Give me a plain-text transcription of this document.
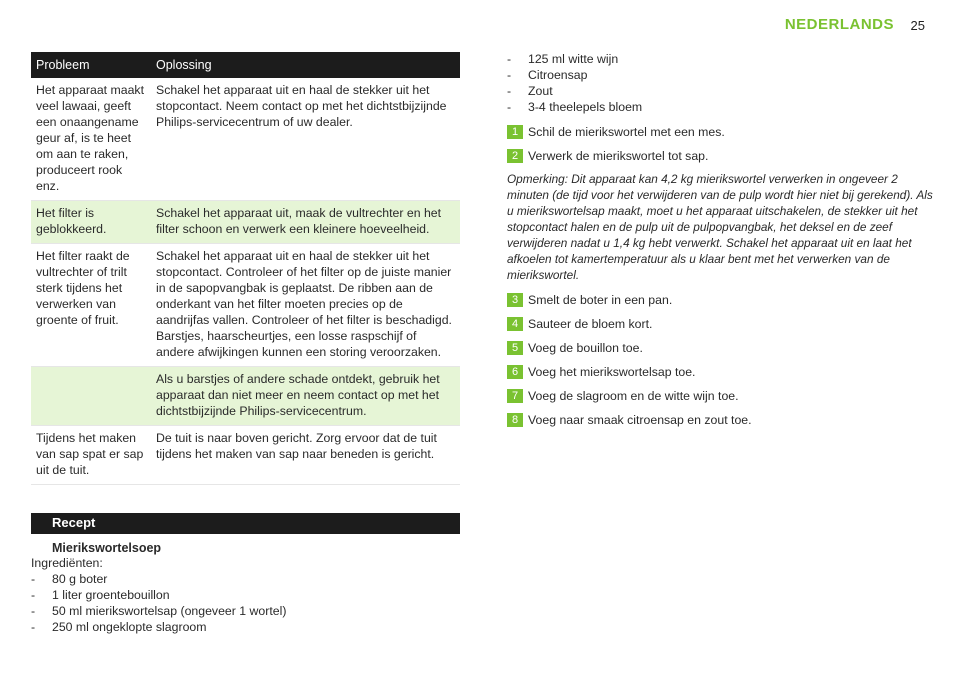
NEDERLANDS 25
Probleem	Oplossing
Het apparaat maakt veel lawaai, geeft een onaangename geur af, is te heet om aan te raken, produceert rook enz.	Schakel het apparaat uit en haal de stekker uit het stopcontact. Neem contact op met het dichtstbijzijnde Philips-servicecentrum of uw dealer.
Het filter is geblokkeerd.	Schakel het apparaat uit, maak de vultrechter en het filter schoon en verwerk een kleinere hoeveelheid.
Het filter raakt de vultrechter of trilt sterk tijdens het verwerken van groente of fruit.	Schakel het apparaat uit en haal de stekker uit het stopcontact. Controleer of het filter op de juiste manier in de sapopvangbak is geplaatst. De ribben aan de onderkant van het filter moeten precies op de aandrijfas vallen. Controleer of het filter is beschadigd. Barstjes, haarscheurtjes, een losse raspschijf of andere afwijkingen kunnen een storing veroorzaken.
	Als u barstjes of andere schade ontdekt, gebruik het apparaat dan niet meer en neem contact op met het dichtstbijzijnde Philips-servicecentrum.
Tijdens het maken van sap spat er sap uit de tuit.	De tuit is naar boven gericht. Zorg ervoor dat de tuit tijdens het maken van sap naar beneden is gericht.
Recept
Mierikswortelsoep
Ingrediënten:
- 80 g boter
- 1 liter groentebouillon
- 50 ml mierikswortelsap (ongeveer 1 wortel)
- 250 ml ongeklopte slagroom
- 125 ml witte wijn
- Citroensap
- Zout
- 3-4 theelepels bloem
1 Schil de mierikswortel met een mes.
2 Verwerk de mierikswortel tot sap.

Opmerking: Dit apparaat kan 4,2 kg mierikswortel verwerken in ongeveer 2 minuten (de tijd voor het verwijderen van de pulp wordt hier niet bij gerekend). Als u mierikswortelsap maakt, moet u het apparaat uitschakelen, de stekker uit het stopcontact halen en de pulp uit de pulpopvangbak, het deksel en de zeef verwijderen nadat u 1,4 kg hebt verwerkt. Schakel het apparaat uit en laat het afkoelen tot kamertemperatuur als u klaar bent met het verwerken van de mierikswortel.

3 Smelt de boter in een pan.
4 Sauteer de bloem kort.
5 Voeg de bouillon toe.
6 Voeg het mierikswortelsap toe.
7 Voeg de slagroom en de witte wijn toe.
8 Voeg naar smaak citroensap en zout toe.
